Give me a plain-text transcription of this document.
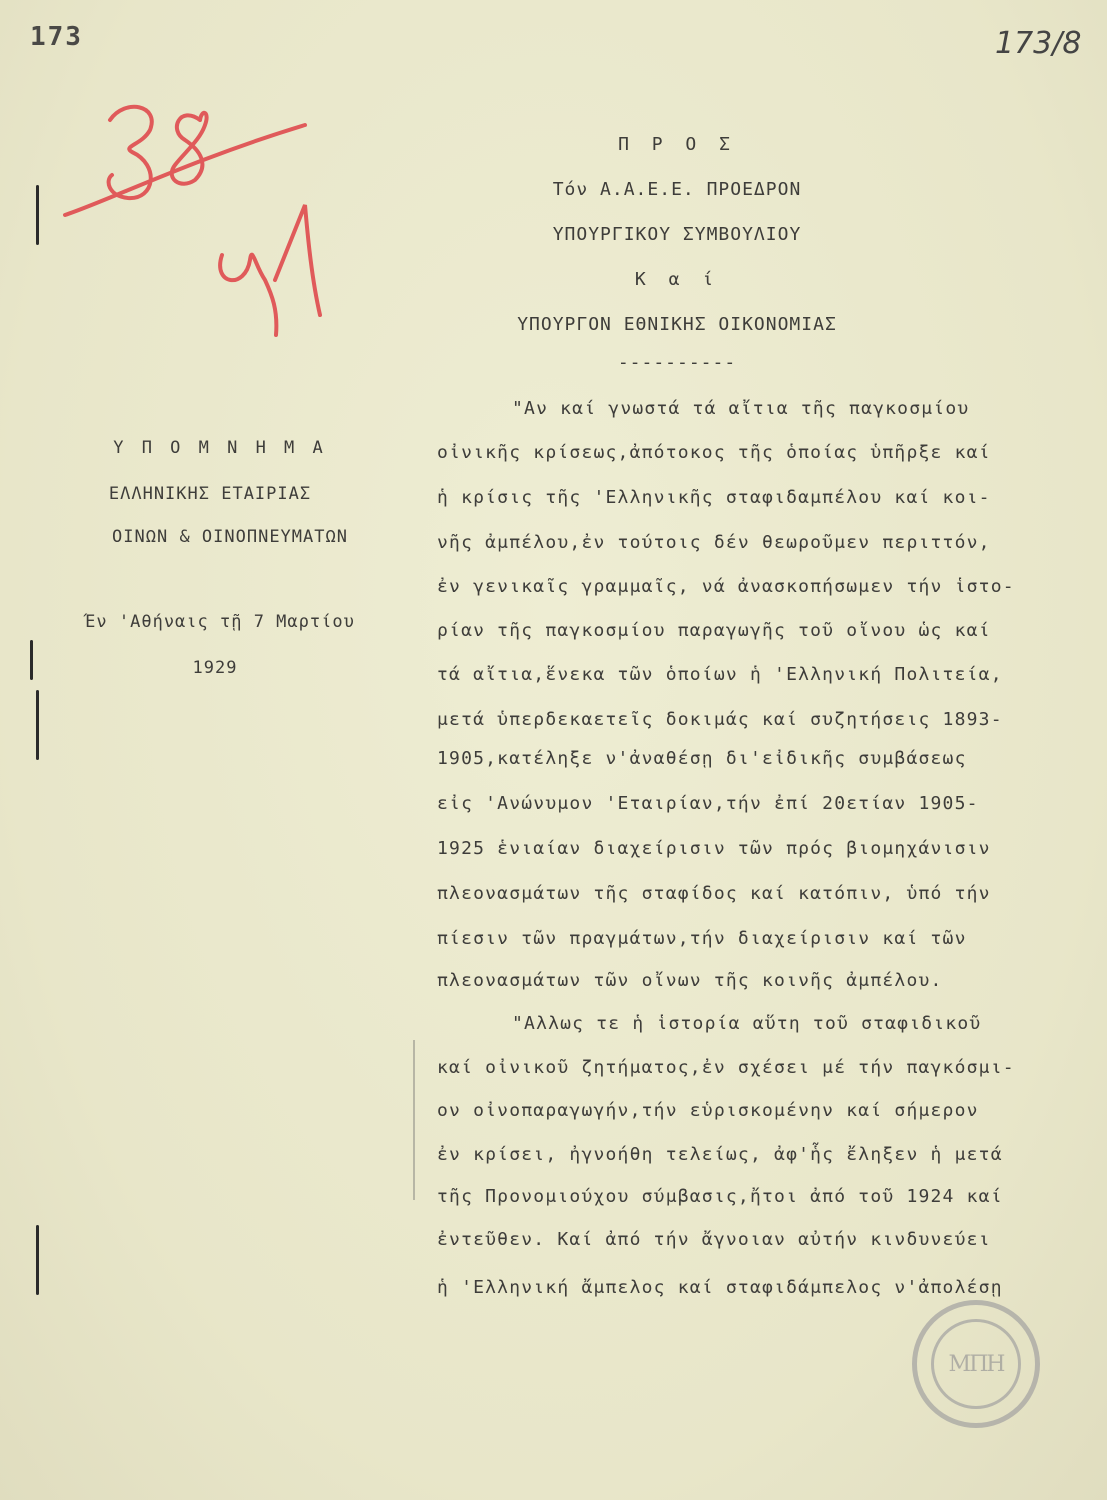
173	173/8
Π Ρ Ο Σ
Τόν Α.Α.Ε.Ε. ΠΡΟΕΔΡΟΝ
ΥΠΟΥΡΓΙΚΟΥ ΣΥΜΒΟΥΛΙΟΥ
Κ α ί
ΥΠΟΥΡΓΟΝ ΕΘΝΙΚΗΣ ΟΙΚΟΝΟΜΙΑΣ
----------
Υ Π Ο Μ Ν Η Μ Α
ΕΛΛΗΝΙΚΗΣ ΕΤΑΙΡΙΑΣ
ΟΙΝΩΝ & ΟΙΝΟΠΝΕΥΜΑΤΩΝ
Έν 'Αθήναις τῇ 7 Μαρτίου
1929
"Αν καί γνωστά τά αἴτια τῆς παγκοσμίου
οἰνικῆς κρίσεως,ἀπότοκος τῆς ὁποίας ὑπῆρξε καί
ἡ κρίσις τῆς 'Ελληνικῆς σταφιδαμπέλου καί κοι-
νῆς ἀμπέλου,ἐν τούτοις δέν θεωροῦμεν περιττόν,
ἐν γενικαῖς γραμμαῖς, νά ἀνασκοπήσωμεν τήν ἱστο-
ρίαν τῆς παγκοσμίου παραγωγῆς τοῦ οἴνου ὡς καί
τά αἴτια,ἕνεκα τῶν ὁποίων ἡ 'Ελληνική Πολιτεία,
μετά ὑπερδεκαετεῖς δοκιμάς καί συζητήσεις 1893-
1905,κατέληξε ν'ἀναθέσῃ δι'εἰδικῆς συμβάσεως
εἰς 'Ανώνυμον 'Εταιρίαν,τήν ἐπί 20ετίαν 1905-
1925 ἑνιαίαν διαχείρισιν τῶν πρός βιομηχάνισιν
πλεονασμάτων τῆς σταφίδος καί κατόπιν, ὑπό τήν
πίεσιν τῶν πραγμάτων,τήν διαχείρισιν καί τῶν
πλεονασμάτων τῶν οἴνων τῆς κοινῆς ἀμπέλου.
"Αλλως τε ἡ ἱστορία αὕτη τοῦ σταφιδικοῦ
καί οἰνικοῦ ζητήματος,ἐν σχέσει μέ τήν παγκόσμι-
ον οἰνοπαραγωγήν,τήν εὑρισκομένην καί σήμερον
ἐν κρίσει, ἠγνοήθη τελείως, ἀφ'ἧς ἔληξεν ἡ μετά
τῆς Προνομιούχου σύμβασις,ἤτοι ἀπό τοῦ 1924 καί
ἐντεῦθεν. Καί ἀπό τήν ἄγνοιαν αὐτήν κινδυνεύει
ἡ 'Ελληνική ἄμπελος καί σταφιδάμπελος ν'ἀπολέσῃ
ΜΠΗ
